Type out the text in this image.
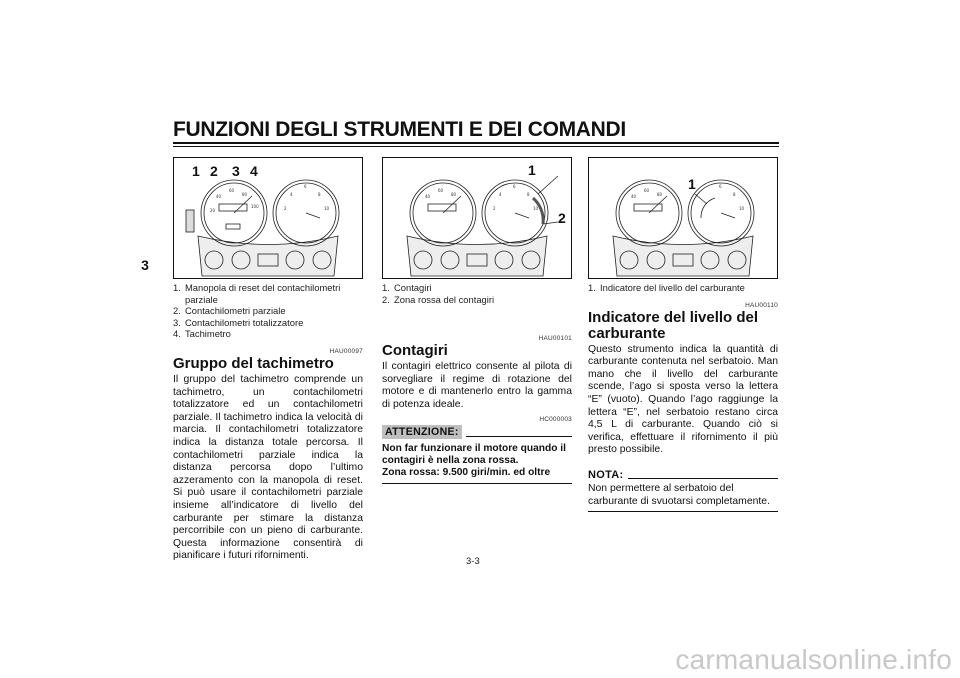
FUNZIONI DEGLI STRUMENTI E DEI COMANDI
3
40
60
80
20
100	2
4
6
8
10
1 2 3 4
1. Manopola di reset del contachilometri parziale
2. Contachilometri parziale
3. Contachilometri totalizzatore
4. Tachimetro
HAU00097
Gruppo del tachimetro
Il gruppo del tachimetro comprende un tachimetro, un contachilometri totalizzatore ed un contachilometri parziale. Il tachimetro indica la velocità di marcia. Il contachilometri totalizzatore indica la distanza totale percorsa. Il contachilometri parziale indica la distanza percorsa dopo l’ultimo azzeramento con la manopola di reset. Si può usare il contachilometri parziale insieme all’indicatore di livello del carburante per stimare la distanza percorribile con un pieno di carburante. Questa informazione consentirà di pianificare i futuri rifornimenti.
40
60
80
2
4
6
8
10
1
2
1. Contagiri
2. Zona rossa del contagiri
HAU00101
Contagiri
Il contagiri elettrico consente al pilota di sorvegliare il regime di rotazione del motore e di mantenerlo entro la gamma di potenza ideale.
HC000003
ATTENZIONE:
Non far funzionare il motore quando il contagiri è nella zona rossa.
Zona rossa: 9.500 giri/min. ed oltre
40
60
80
6
8
10
1
1. Indicatore del livello del carburante
HAU00110
Indicatore del livello del carburante
Questo strumento indica la quantità di carburante contenuta nel serbatoio. Man mano che il livello del carburante scende, l’ago si sposta verso la lettera “E” (vuoto). Quando l’ago raggiunge la lettera “E”, nel serbatoio restano circa 4,5 L di carburante. Quando ciò si verifica, effettuare il rifornimento il più presto possibile.
NOTA:
Non permettere al serbatoio del carburante di svuotarsi completamente.
3-3
carmanualsonline.info
